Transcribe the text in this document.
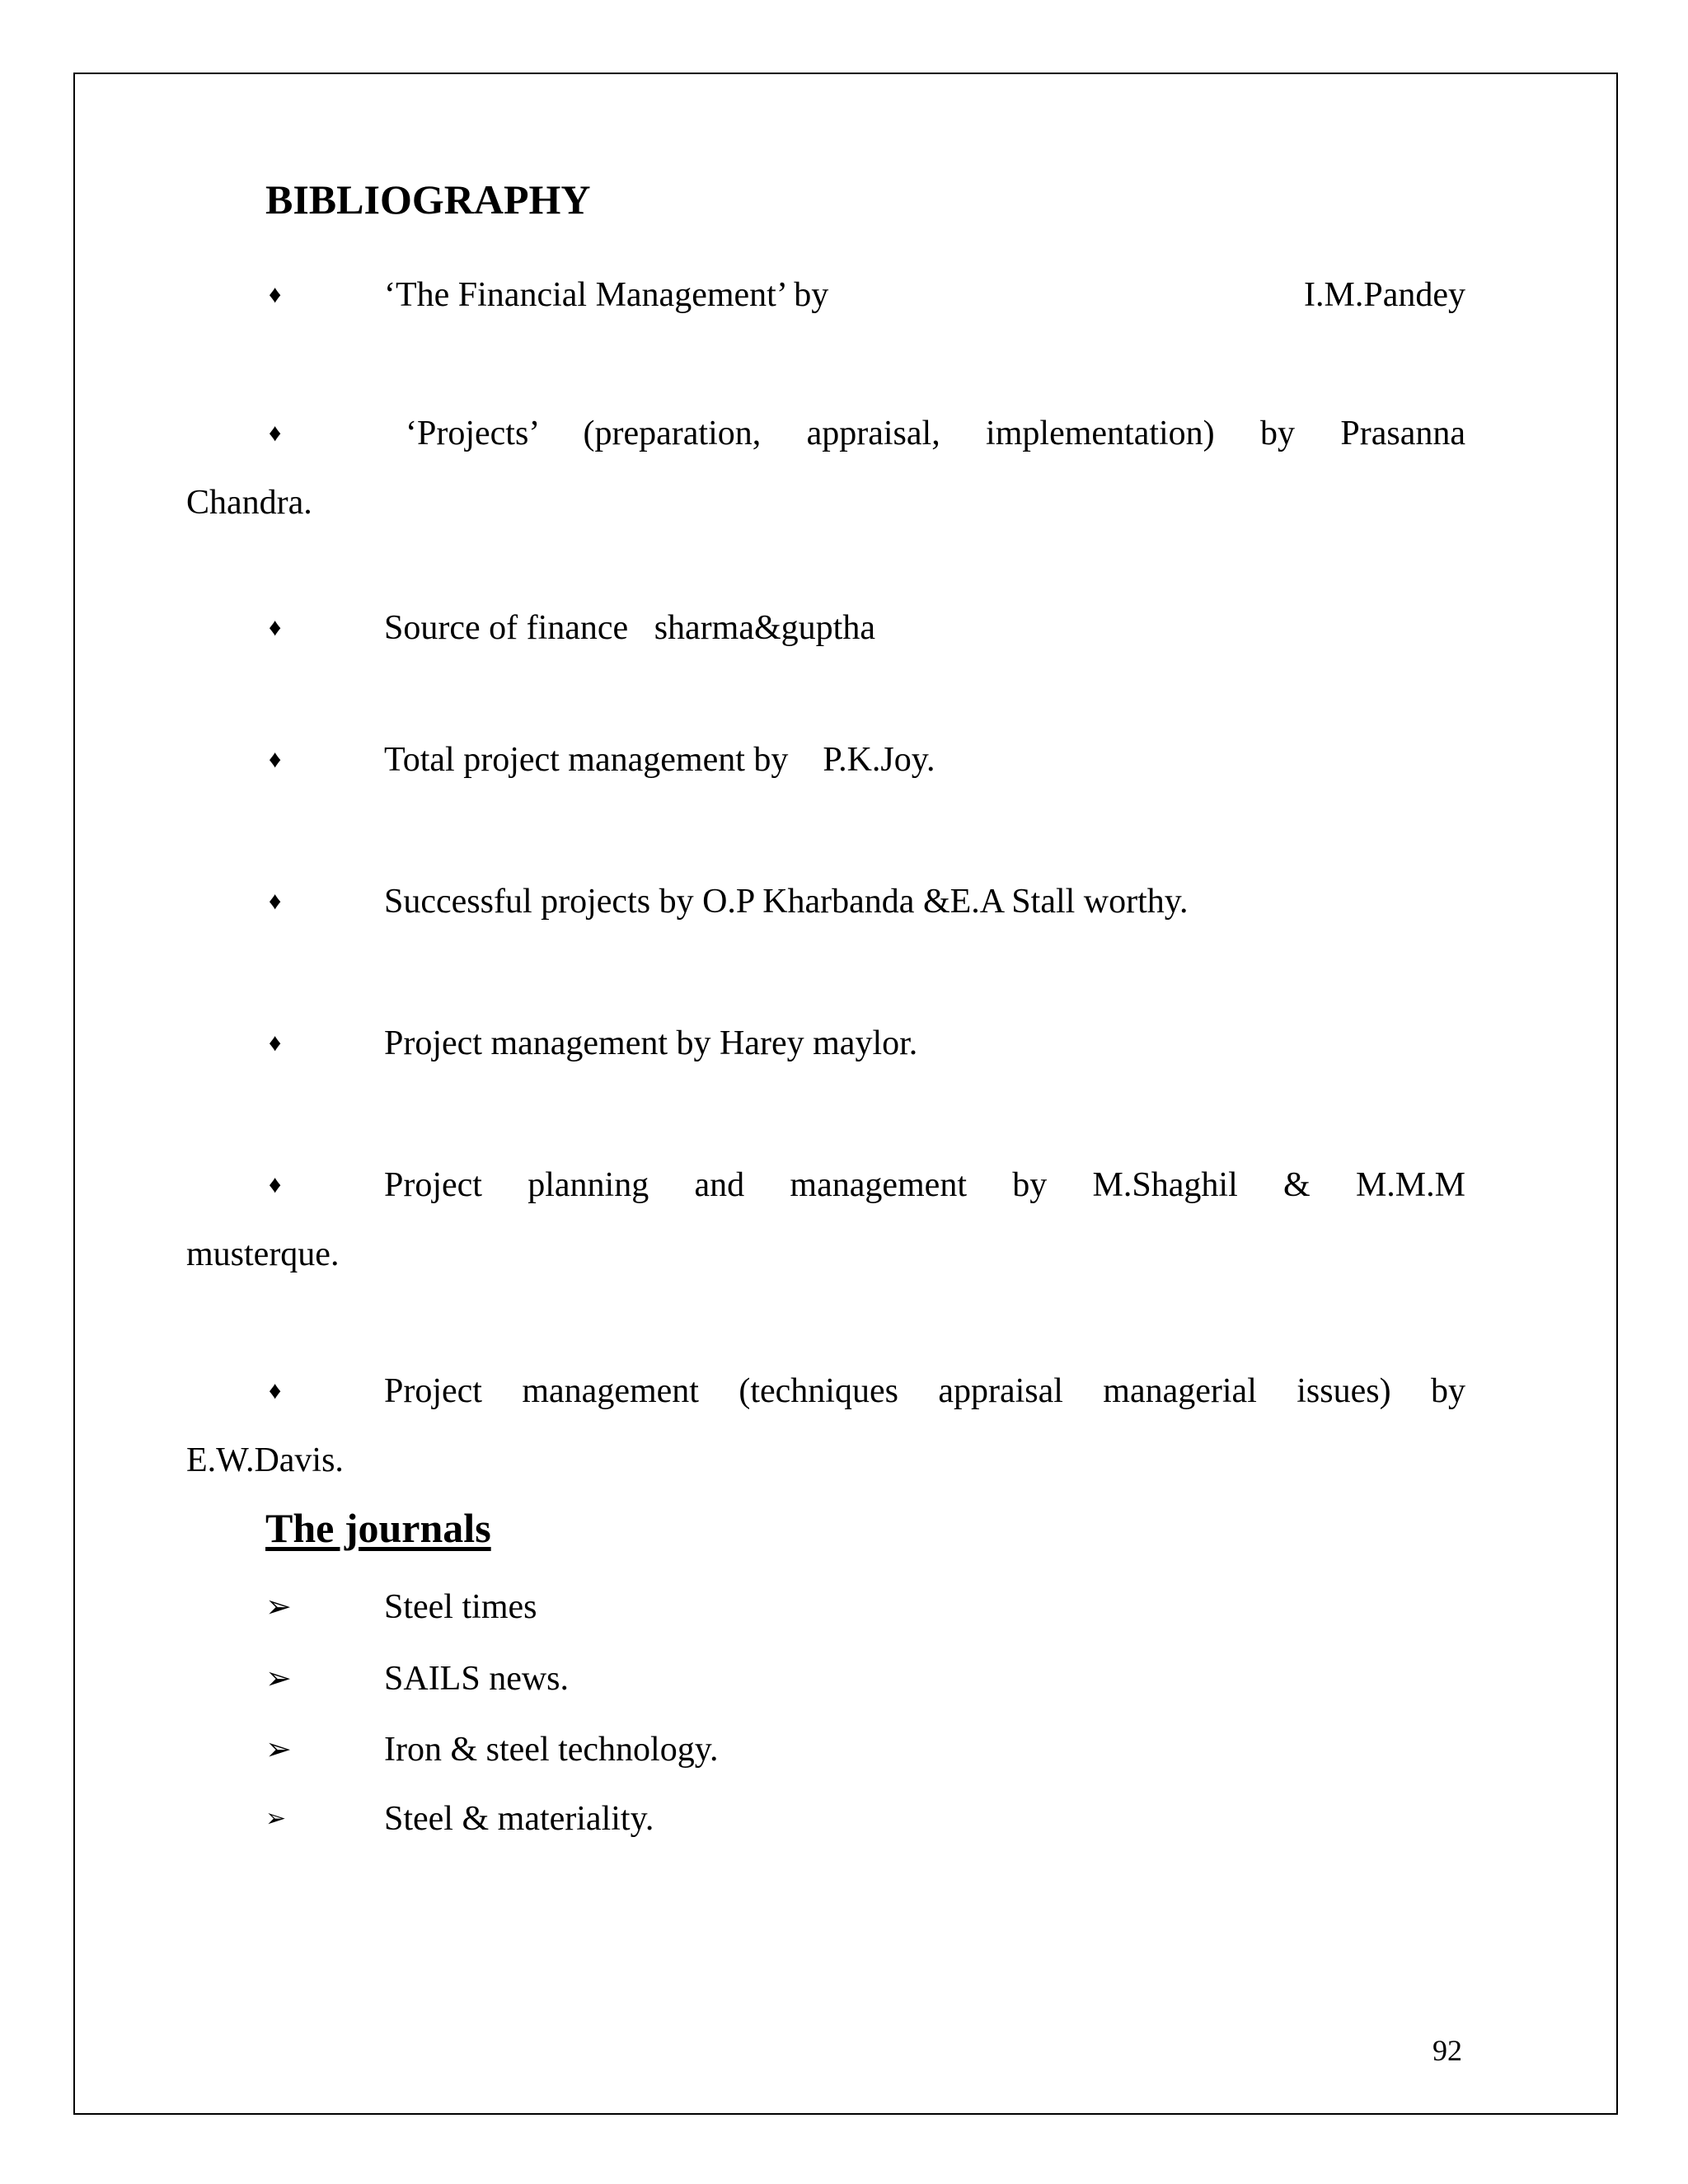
BIBLIOGRAPHY
♦	‘The Financial Management’ by	I.M.Pandey
♦	‘Projects’ (preparation, appraisal, implementation) by Prasanna
Chandra.
♦	Source of finance   sharma&guptha
♦	Total project management by    P.K.Joy.
♦	Successful projects by O.P Kharbanda &E.A Stall worthy.
♦	Project management by Harey maylor.
♦	Project planning and management by M.Shaghil & M.M.M
musterque.
♦	Project management (techniques appraisal managerial issues) by
E.W.Davis.
The journals
➢	Steel times
➢	SAILS news.
➢	Iron & steel technology.
➢	Steel & materiality.
92
